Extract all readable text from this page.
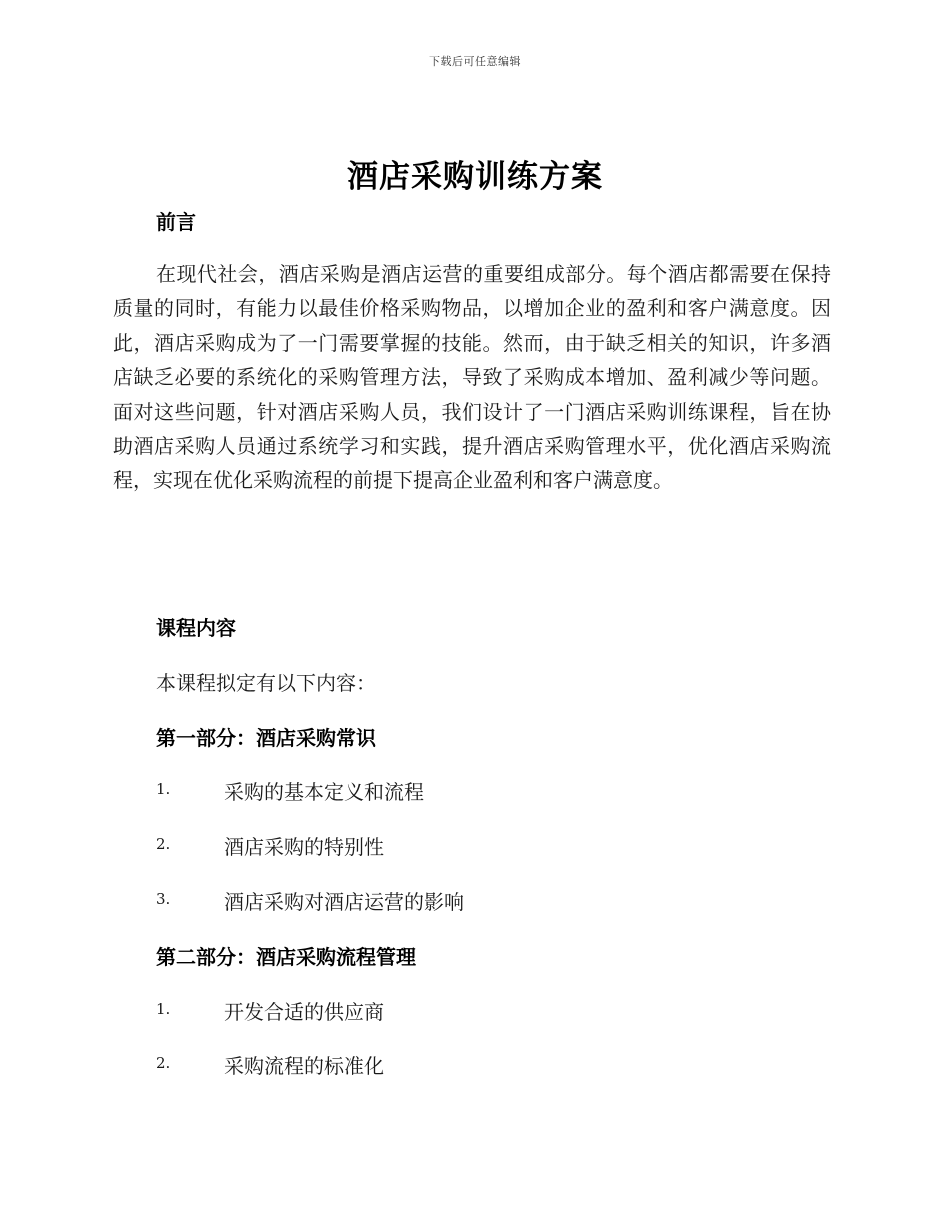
下载后可任意编辑
酒店采购训练方案
前言
在现代社会，酒店采购是酒店运营的重要组成部分。每个酒店都需要在保持质量的同时，有能力以最佳价格采购物品，以增加企业的盈利和客户满意度。因此，酒店采购成为了一门需要掌握的技能。然而，由于缺乏相关的知识，许多酒店缺乏必要的系统化的采购管理方法，导致了采购成本增加、盈利减少等问题。面对这些问题，针对酒店采购人员，我们设计了一门酒店采购训练课程，旨在协助酒店采购人员通过系统学习和实践，提升酒店采购管理水平，优化酒店采购流程，实现在优化采购流程的前提下提高企业盈利和客户满意度。
课程内容
本课程拟定有以下内容：
第一部分：酒店采购常识
1.	采购的基本定义和流程
2.	酒店采购的特别性
3.	酒店采购对酒店运营的影响
第二部分：酒店采购流程管理
1.	开发合适的供应商
2.	采购流程的标准化
